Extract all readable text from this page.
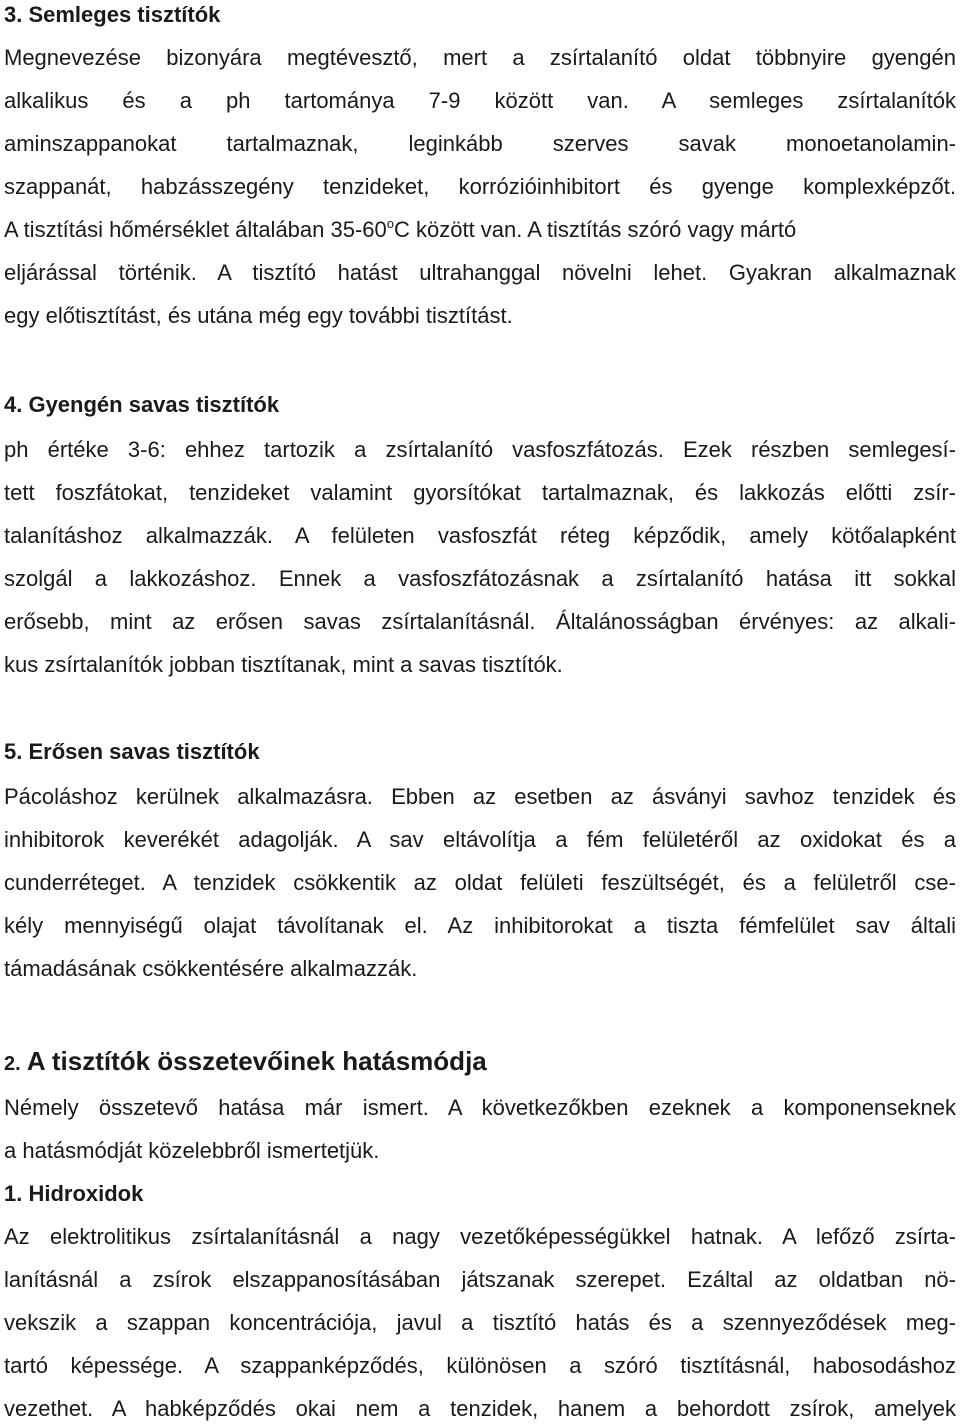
3. Semleges tisztítók
Megnevezése bizonyára megtévesztő, mert a zsírtalanító oldat többnyire gyengén
alkalikus és a ph tartománya 7-9 között van. A semleges zsírtalanítók
aminszappanokat tartalmaznak, leginkább szerves savak monoetanolamin-
szappanát, habzásszegény tenzideket, korrózióinhibitort és gyenge komplexképzőt.
A tisztítási hőmérséklet általában 35-60$^o$C között van. A tisztítás szóró vagy mártó
eljárással történik. A tisztító hatást ultrahanggal növelni lehet. Gyakran alkalmaznak
egy előtisztítást, és utána még egy további tisztítást.
4. Gyengén savas tisztítók
ph értéke 3-6: ehhez tartozik a zsírtalanító vasfoszfátozás. Ezek részben semlegesí-
tett foszfátokat, tenzideket valamint gyorsítókat tartalmaznak, és lakkozás előtti zsír-
talanításhoz alkalmazzák. A felületen vasfoszfát réteg képződik, amely kötőalapként
szolgál a lakkozáshoz. Ennek a vasfoszfátozásnak a zsírtalanító hatása itt sokkal
erősebb, mint az erősen savas zsírtalanításnál. Általánosságban érvényes: az alkali-
kus zsírtalanítók jobban tisztítanak, mint a savas tisztítók.
5. Erősen savas tisztítók
Pácoláshoz kerülnek alkalmazásra. Ebben az esetben az ásványi savhoz tenzidek és
inhibitorok keverékét adagolják. A sav eltávolítja a fém felületéről az oxidokat és a
cunderréteget. A tenzidek csökkentik az oldat felületi feszültségét, és a felületről cse-
kély mennyiségű olajat távolítanak el. Az inhibitorokat a tiszta fémfelület sav általi
támadásának csökkentésére alkalmazzák.
2. A tisztítók összetevőinek hatásmódja
Némely összetevő hatása már ismert. A következőkben ezeknek a komponenseknek
a hatásmódját közelebbről ismertetjük.
1. Hidroxidok
Az elektrolitikus zsírtalanításnál a nagy vezetőképességükkel hatnak. A lefőző zsírta-
lanításnál a zsírok elszappanosításában játszanak szerepet. Ezáltal az oldatban nö-
vekszik a szappan koncentrációja, javul a tisztító hatás és a szennyeződések meg-
tartó képessége. A szappanképződés, különösen a szóró tisztításnál, habosodáshoz
vezethet. A habképződés okai nem a tenzidek, hanem a behordott zsírok, amelyek
